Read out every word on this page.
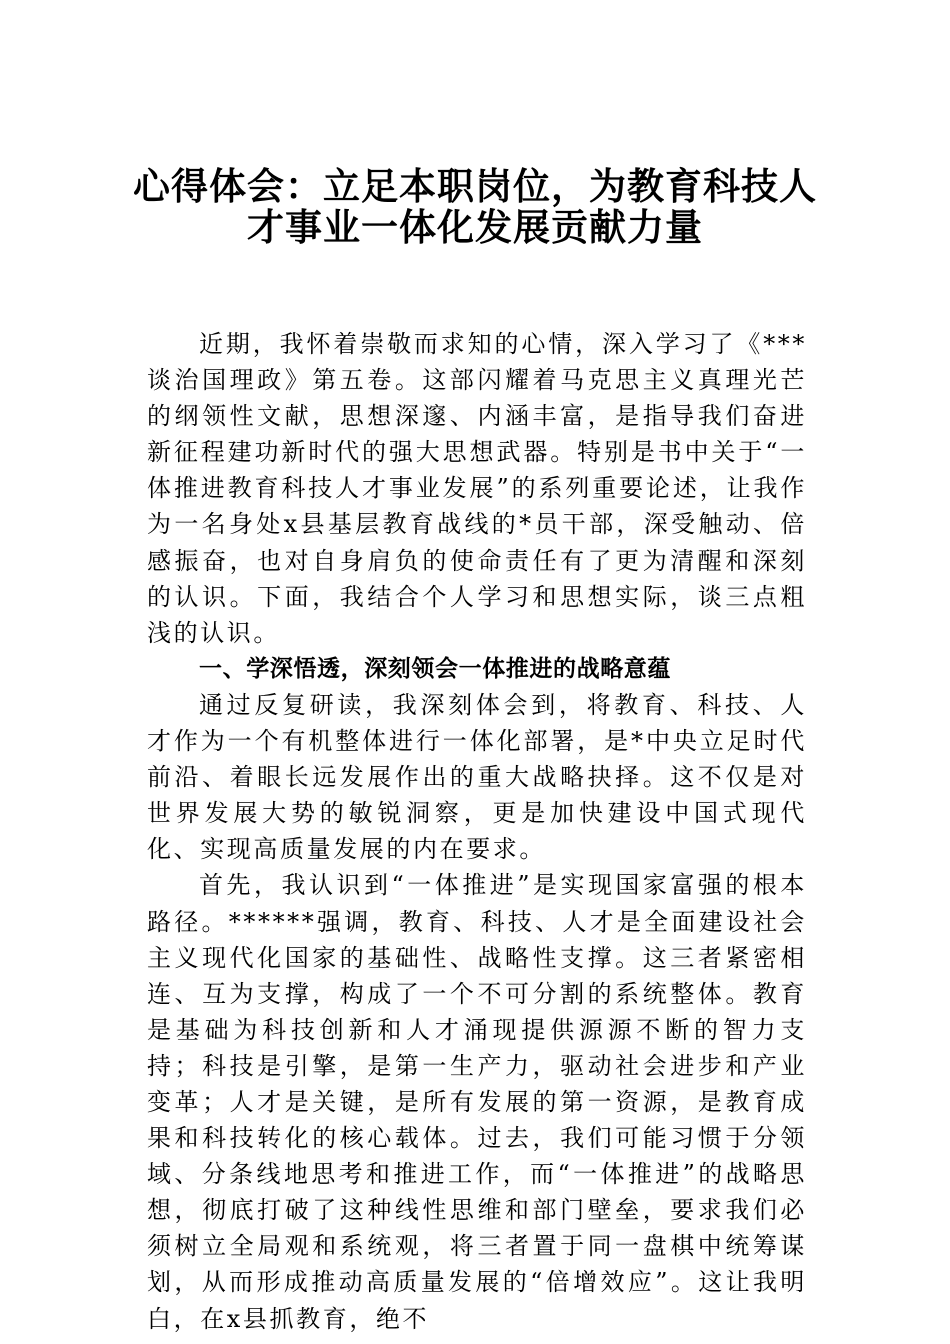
心得体会：立足本职岗位，为教育科技人
才事业一体化发展贡献力量

近期，我怀着崇敬而求知的心情，深入学习了《***谈治国理政》第五卷。这部闪耀着马克思主义真理光芒的纲领性文献，思想深邃、内涵丰富，是指导我们奋进新征程建功新时代的强大思想武器。特别是书中关于“一体推进教育科技人才事业发展”的系列重要论述，让我作为一名身处x县基层教育战线的*员干部，深受触动、倍感振奋，也对自身肩负的使命责任有了更为清醒和深刻的认识。下面，我结合个人学习和思想实际，谈三点粗浅的认识。

一、学深悟透，深刻领会一体推进的战略意蕴

通过反复研读，我深刻体会到，将教育、科技、人才作为一个有机整体进行一体化部署，是*中央立足时代前沿、着眼长远发展作出的重大战略抉择。这不仅是对世界发展大势的敏锐洞察，更是加快建设中国式现代化、实现高质量发展的内在要求。

首先，我认识到“一体推进”是实现国家富强的根本路径。******强调，教育、科技、人才是全面建设社会主义现代化国家的基础性、战略性支撑。这三者紧密相连、互为支撑，构成了一个不可分割的系统整体。教育是基础为科技创新和人才涌现提供源源不断的智力支持；科技是引擎，是第一生产力，驱动社会进步和产业变革；人才是关键，是所有发展的第一资源，是教育成果和科技转化的核心载体。过去，我们可能习惯于分领域、分条线地思考和推进工作，而“一体推进”的战略思想，彻底打破了这种线性思维和部门壁垒，要求我们必须树立全局观和系统观，将三者置于同一盘棋中统筹谋划，从而形成推动高质量发展的“倍增效应”。这让我明白，在x县抓教育，绝不
